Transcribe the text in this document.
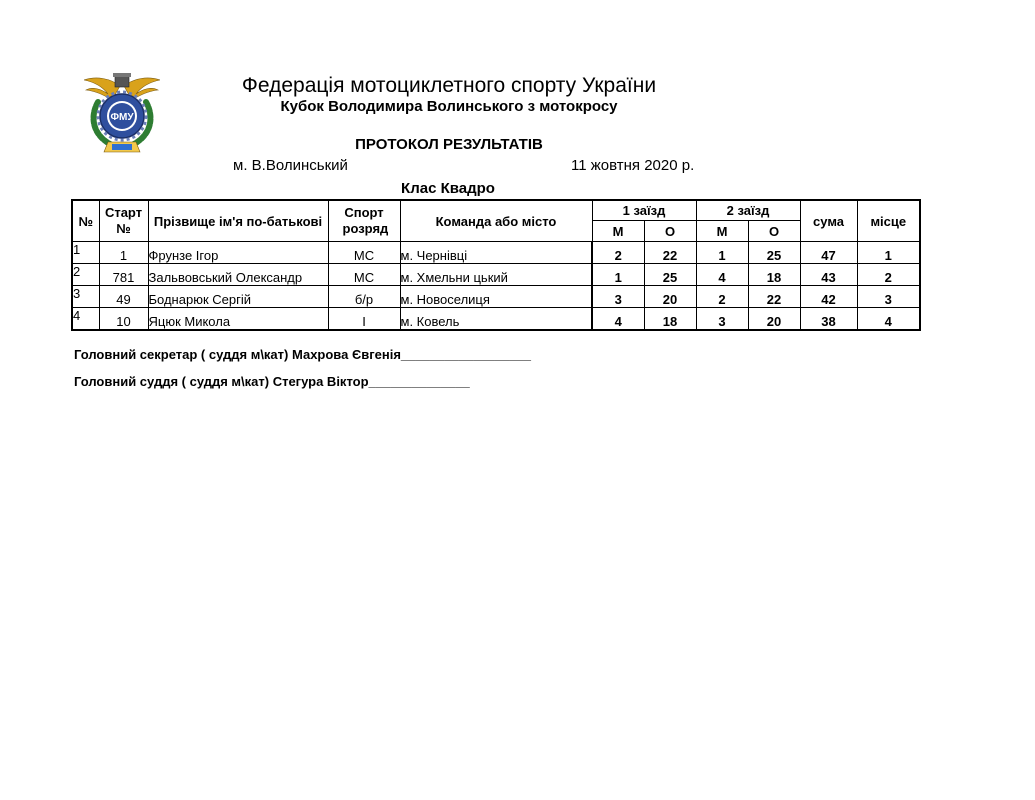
ФМУ
Федерація мотоциклетного спорту України
Кубок Володимира Волинського з мотокросу
ПРОТОКОЛ РЕЗУЛЬТАТІВ
м. В.Волинський	11 жовтня 2020 р.
Клас Квадро
№	Старт №	Прізвище ім'я по-батькові	Спорт розряд	Команда або місто	1 заїзд		2 заїзд		сума	місце
					М	О	М	О		
1	1	Фрунзе Ігор	МС	м. Чернівці	2	22	1	25	47	1
2	781	Зальвовський Олександр	МС	м. Хмельни цький	1	25	4	18	43	2
3	49	Боднарюк Сергій	б/р	м. Новоселиця	3	20	2	22	42	3
4	10	Яцюк Микола	І	м. Ковель	4	18	3	20	38	4
Головний секретар ( суддя м\кат) Махрова Євгенія__________________
Головний суддя ( суддя м\кат) Стегура Віктор______________
